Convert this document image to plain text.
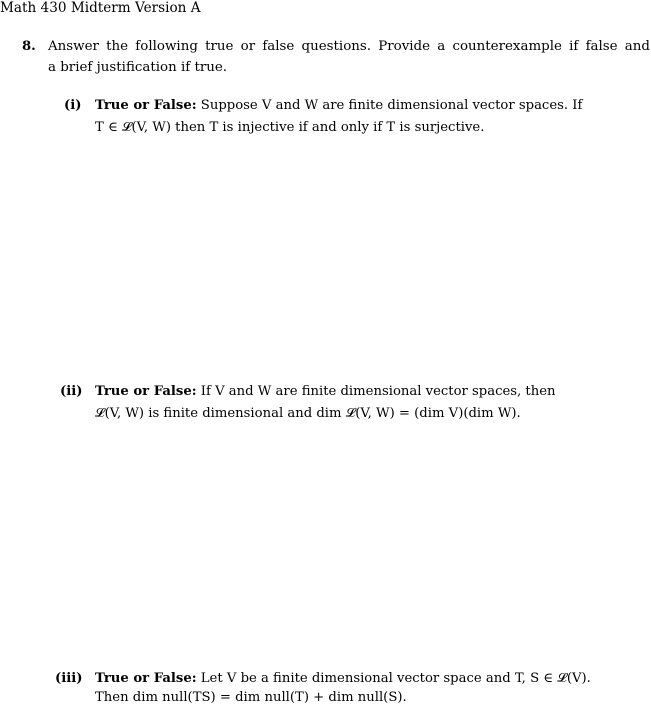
Math 430 Midterm Version A
8. Answer the following true or false questions. Provide a counterexample if false and
a brief justification if true.
(i) True or False: Suppose V and W are finite dimensional vector spaces. If
T ∈ 𝓛(V, W) then T is injective if and only if T is surjective.
(ii) True or False: If V and W are finite dimensional vector spaces, then
𝓛(V, W) is finite dimensional and dim 𝓛(V, W) = (dim V)(dim W).
(iii) True or False: Let V be a finite dimensional vector space and T, S ∈ 𝓛(V).
Then dim null(TS) = dim null(T) + dim null(S).
